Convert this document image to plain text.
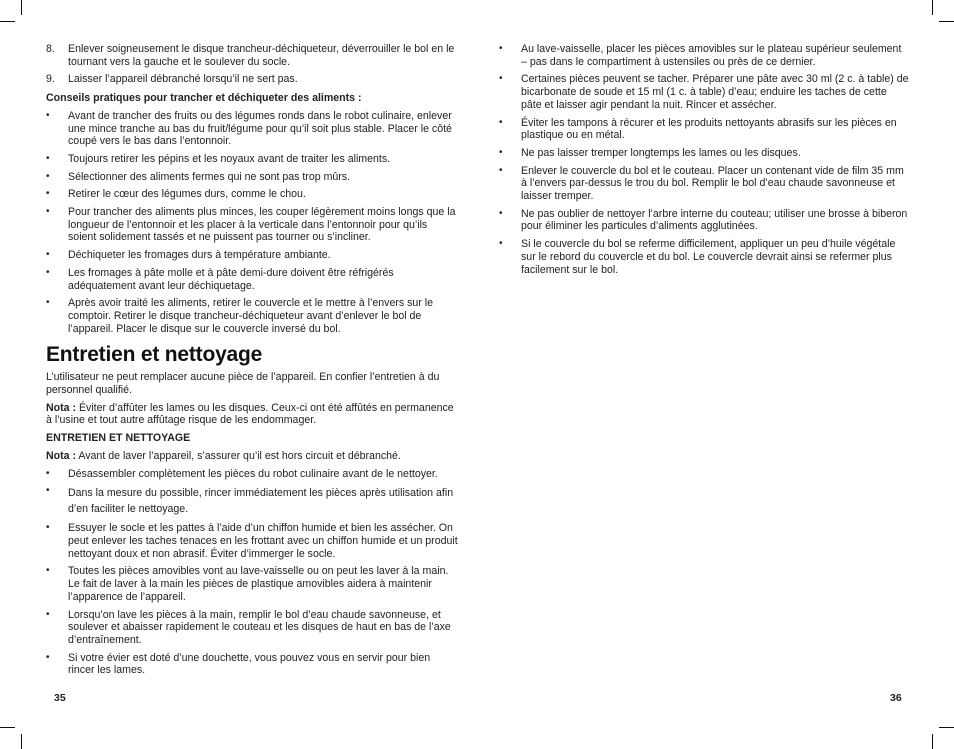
8.	Enlever soigneusement le disque trancheur-déchiqueteur, déverrouiller le bol en le tournant vers la gauche et le soulever du socle.
9.	Laisser l’appareil débranché lorsqu’il ne sert pas.
Conseils pratiques pour trancher et déchiqueter des aliments :
•	Avant de trancher des fruits ou des légumes ronds dans le robot culinaire, enlever une mince tranche au bas du fruit/légume pour qu’il soit plus stable. Placer le côté coupé vers le bas dans l’entonnoir.
•	Toujours retirer les pépins et les noyaux avant de traiter les aliments.
•	Sélectionner des aliments fermes qui ne sont pas trop mûrs.
•	Retirer le cœur des légumes durs, comme le chou.
•	Pour trancher des aliments plus minces, les couper légèrement moins longs que la longueur de l’entonnoir et les placer à la verticale dans l’entonnoir pour qu’ils soient solidement tassés et ne puissent pas tourner ou s’incliner.
•	Déchiqueter les fromages durs à température ambiante.
•	Les fromages à pâte molle et à pâte demi-dure doivent être réfrigérés adéquatement avant leur déchiquetage.
•	Après avoir traité les aliments, retirer le couvercle et le mettre à l’envers sur le comptoir. Retirer le disque trancheur-déchiqueteur avant d’enlever le bol de l’appareil. Placer le disque sur le couvercle inversé du bol.
Entretien et nettoyage
L’utilisateur ne peut remplacer aucune pièce de l’appareil. En confier l’entretien à du personnel qualifié.
Nota : Éviter d’affûter les lames ou les disques. Ceux-ci ont été affûtés en permanence à l’usine et tout autre affûtage risque de les endommager.
ENTRETIEN ET NETTOYAGE
Nota : Avant de laver l’appareil, s’assurer qu’il est hors circuit et débranché.
•	Désassembler complètement les pièces du robot culinaire avant de le nettoyer.
•	Dans la mesure du possible, rincer immédiatement les pièces après utilisation afin d’en faciliter le nettoyage.
•	Essuyer le socle et les pattes à l’aide d’un chiffon humide et bien les assécher. On peut enlever les taches tenaces en les frottant avec un chiffon humide et un produit nettoyant doux et non abrasif. Éviter d’immerger le socle.
•	Toutes les pièces amovibles vont au lave-vaisselle ou on peut les laver à la main. Le fait de laver à la main les pièces de plastique amovibles aidera à maintenir l’apparence de l’appareil.
•	Lorsqu’on lave les pièces à la main, remplir le bol d’eau chaude savonneuse, et soulever et abaisser rapidement le couteau et les disques de haut en bas de l’axe d’entraînement.
•	Si votre évier est doté d’une douchette, vous pouvez vous en servir pour bien rincer les lames.
35
•	Au lave-vaisselle, placer les pièces amovibles sur le plateau supérieur seulement – pas dans le compartiment à ustensiles ou près de ce dernier.
•	Certaines pièces peuvent se tacher. Préparer une pâte avec 30 ml (2 c. à table) de bicarbonate de soude et 15 ml (1 c. à table) d’eau; enduire les taches de cette pâte et laisser agir pendant la nuit. Rincer et assécher.
•	Éviter les tampons à récurer et les produits nettoyants abrasifs sur les pièces en plastique ou en métal.
•	Ne pas laisser tremper longtemps les lames ou les disques.
•	Enlever le couvercle du bol et le couteau. Placer un contenant vide de film 35 mm à l’envers par-dessus le trou du bol. Remplir le bol d’eau chaude savonneuse et laisser tremper.
•	Ne pas oublier de nettoyer l’arbre interne du couteau; utiliser une brosse à biberon pour éliminer les particules d’aliments agglutinées.
•	Si le couvercle du bol se referme difficilement, appliquer un peu d’huile végétale sur le rebord du couvercle et du bol. Le couvercle devrait ainsi se refermer plus facilement sur le bol.
36
